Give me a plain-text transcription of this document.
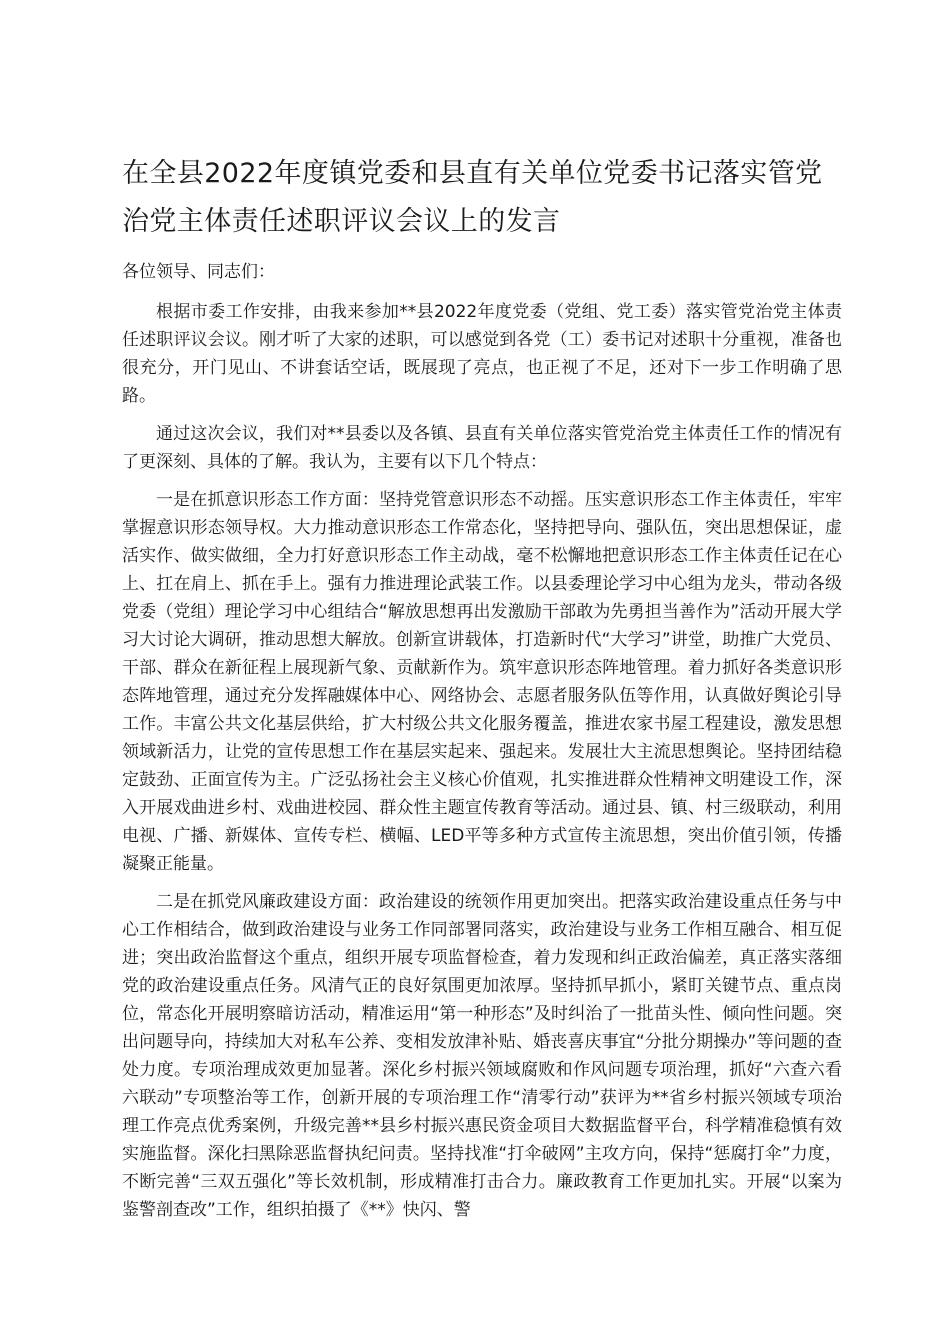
在全县2022年度镇党委和县直有关单位党委书记落实管党治党主体责任述职评议会议上的发言

各位领导、同志们：

根据市委工作安排，由我来参加**县2022年度党委（党组、党工委）落实管党治党主体责任述职评议会议。刚才听了大家的述职，可以感觉到各党（工）委书记对述职十分重视，准备也很充分，开门见山、不讲套话空话，既展现了亮点，也正视了不足，还对下一步工作明确了思路。

通过这次会议，我们对**县委以及各镇、县直有关单位落实管党治党主体责任工作的情况有了更深刻、具体的了解。我认为，主要有以下几个特点：

一是在抓意识形态工作方面：坚持党管意识形态不动摇。压实意识形态工作主体责任，牢牢掌握意识形态领导权。大力推动意识形态工作常态化，坚持把导向、强队伍，突出思想保证，虚活实作、做实做细，全力打好意识形态工作主动战，毫不松懈地把意识形态工作主体责任记在心上、扛在肩上、抓在手上。强有力推进理论武装工作。以县委理论学习中心组为龙头，带动各级党委（党组）理论学习中心组结合“解放思想再出发激励干部敢为先勇担当善作为”活动开展大学习大讨论大调研，推动思想大解放。创新宣讲载体，打造新时代“大学习”讲堂，助推广大党员、干部、群众在新征程上展现新气象、贡献新作为。筑牢意识形态阵地管理。着力抓好各类意识形态阵地管理，通过充分发挥融媒体中心、网络协会、志愿者服务队伍等作用，认真做好舆论引导工作。丰富公共文化基层供给，扩大村级公共文化服务覆盖，推进农家书屋工程建设，激发思想领域新活力，让党的宣传思想工作在基层实起来、强起来。发展壮大主流思想舆论。坚持团结稳定鼓劲、正面宣传为主。广泛弘扬社会主义核心价值观，扎实推进群众性精神文明建设工作，深入开展戏曲进乡村、戏曲进校园、群众性主题宣传教育等活动。通过县、镇、村三级联动，利用电视、广播、新媒体、宣传专栏、横幅、LED平等多种方式宣传主流思想，突出价值引领，传播凝聚正能量。

二是在抓党风廉政建设方面：政治建设的统领作用更加突出。把落实政治建设重点任务与中心工作相结合，做到政治建设与业务工作同部署同落实，政治建设与业务工作相互融合、相互促进；突出政治监督这个重点，组织开展专项监督检查，着力发现和纠正政治偏差，真正落实落细党的政治建设重点任务。风清气正的良好氛围更加浓厚。坚持抓早抓小，紧盯关键节点、重点岗位，常态化开展明察暗访活动，精准运用“第一种形态”及时纠治了一批苗头性、倾向性问题。突出问题导向，持续加大对私车公养、变相发放津补贴、婚丧喜庆事宜“分批分期操办”等问题的查处力度。专项治理成效更加显著。深化乡村振兴领域腐败和作风问题专项治理，抓好“六查六看六联动”专项整治等工作，创新开展的专项治理工作“清零行动”获评为**省乡村振兴领域专项治理工作亮点优秀案例，升级完善**县乡村振兴惠民资金项目大数据监督平台，科学精准稳慎有效实施监督。深化扫黑除恶监督执纪问责。坚持找准“打伞破网”主攻方向，保持“惩腐打伞”力度，不断完善“三双五强化”等长效机制，形成精准打击合力。廉政教育工作更加扎实。开展“以案为鉴警剖查改”工作，组织拍摄了《**》快闪、警
